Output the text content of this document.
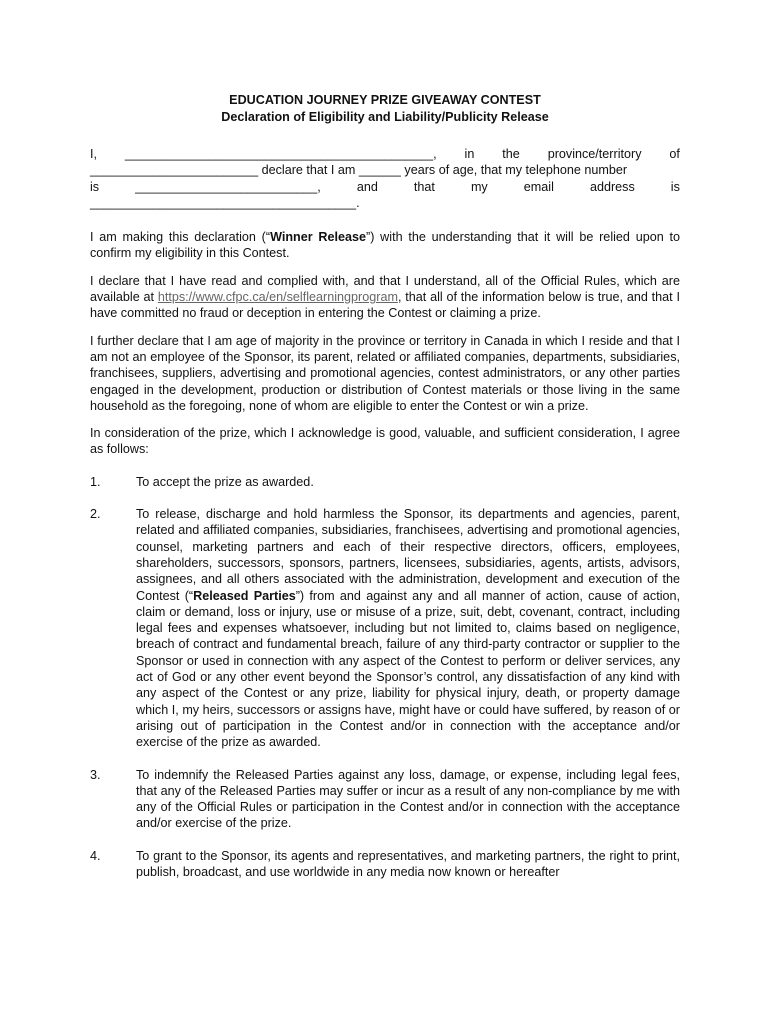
EDUCATION JOURNEY PRIZE GIVEAWAY CONTEST
Declaration of Eligibility and Liability/Publicity Release
I, ____________________________________________, in the province/territory of
________________________ declare that I am ______ years of age, that my telephone number
is	__________________________,	and	that	my	email	address	is
______________________________________.

I am making this declaration (“Winner Release”) with the understanding that it will be relied upon to confirm my eligibility in this Contest.

I declare that I have read and complied with, and that I understand, all of the Official Rules, which are available at https://www.cfpc.ca/en/selflearningprogram, that all of the information below is true, and that I have committed no fraud or deception in entering the Contest or claiming a prize.

I further declare that I am age of majority in the province or territory in Canada in which I reside and that I am not an employee of the Sponsor, its parent, related or affiliated companies, departments, subsidiaries, franchisees, suppliers, advertising and promotional agencies, contest administrators, or any other parties engaged in the development, production or distribution of Contest materials or those living in the same household as the foregoing, none of whom are eligible to enter the Contest or win a prize.

In consideration of the prize, which I acknowledge is good, valuable, and sufficient consideration, I agree as follows:

1.	To accept the prize as awarded.
2.	To release, discharge and hold harmless the Sponsor, its departments and agencies, parent, related and affiliated companies, subsidiaries, franchisees, advertising and promotional agencies, counsel, marketing partners and each of their respective directors, officers, employees, shareholders, successors, sponsors, partners, licensees, subsidiaries, agents, artists, advisors, assignees, and all others associated with the administration, development and execution of the Contest (“Released Parties”) from and against any and all manner of action, cause of action, claim or demand, loss or injury, use or misuse of a prize, suit, debt, covenant, contract, including legal fees and expenses whatsoever, including but not limited to, claims based on negligence, breach of contract and fundamental breach, failure of any third-party contractor or supplier to the Sponsor or used in connection with any aspect of the Contest to perform or deliver services, any act of God or any other event beyond the Sponsor’s control, any dissatisfaction of any kind with any aspect of the Contest or any prize, liability for physical injury, death, or property damage which I, my heirs, successors or assigns have, might have or could have suffered, by reason of or arising out of participation in the Contest and/or in connection with the acceptance and/or exercise of the prize as awarded.
3.	To indemnify the Released Parties against any loss, damage, or expense, including legal fees, that any of the Released Parties may suffer or incur as a result of any non-compliance by me with any of the Official Rules or participation in the Contest and/or in connection with the acceptance and/or exercise of the prize.
4.	To grant to the Sponsor, its agents and representatives, and marketing partners, the right to print, publish, broadcast, and use worldwide in any media now known or hereafter
